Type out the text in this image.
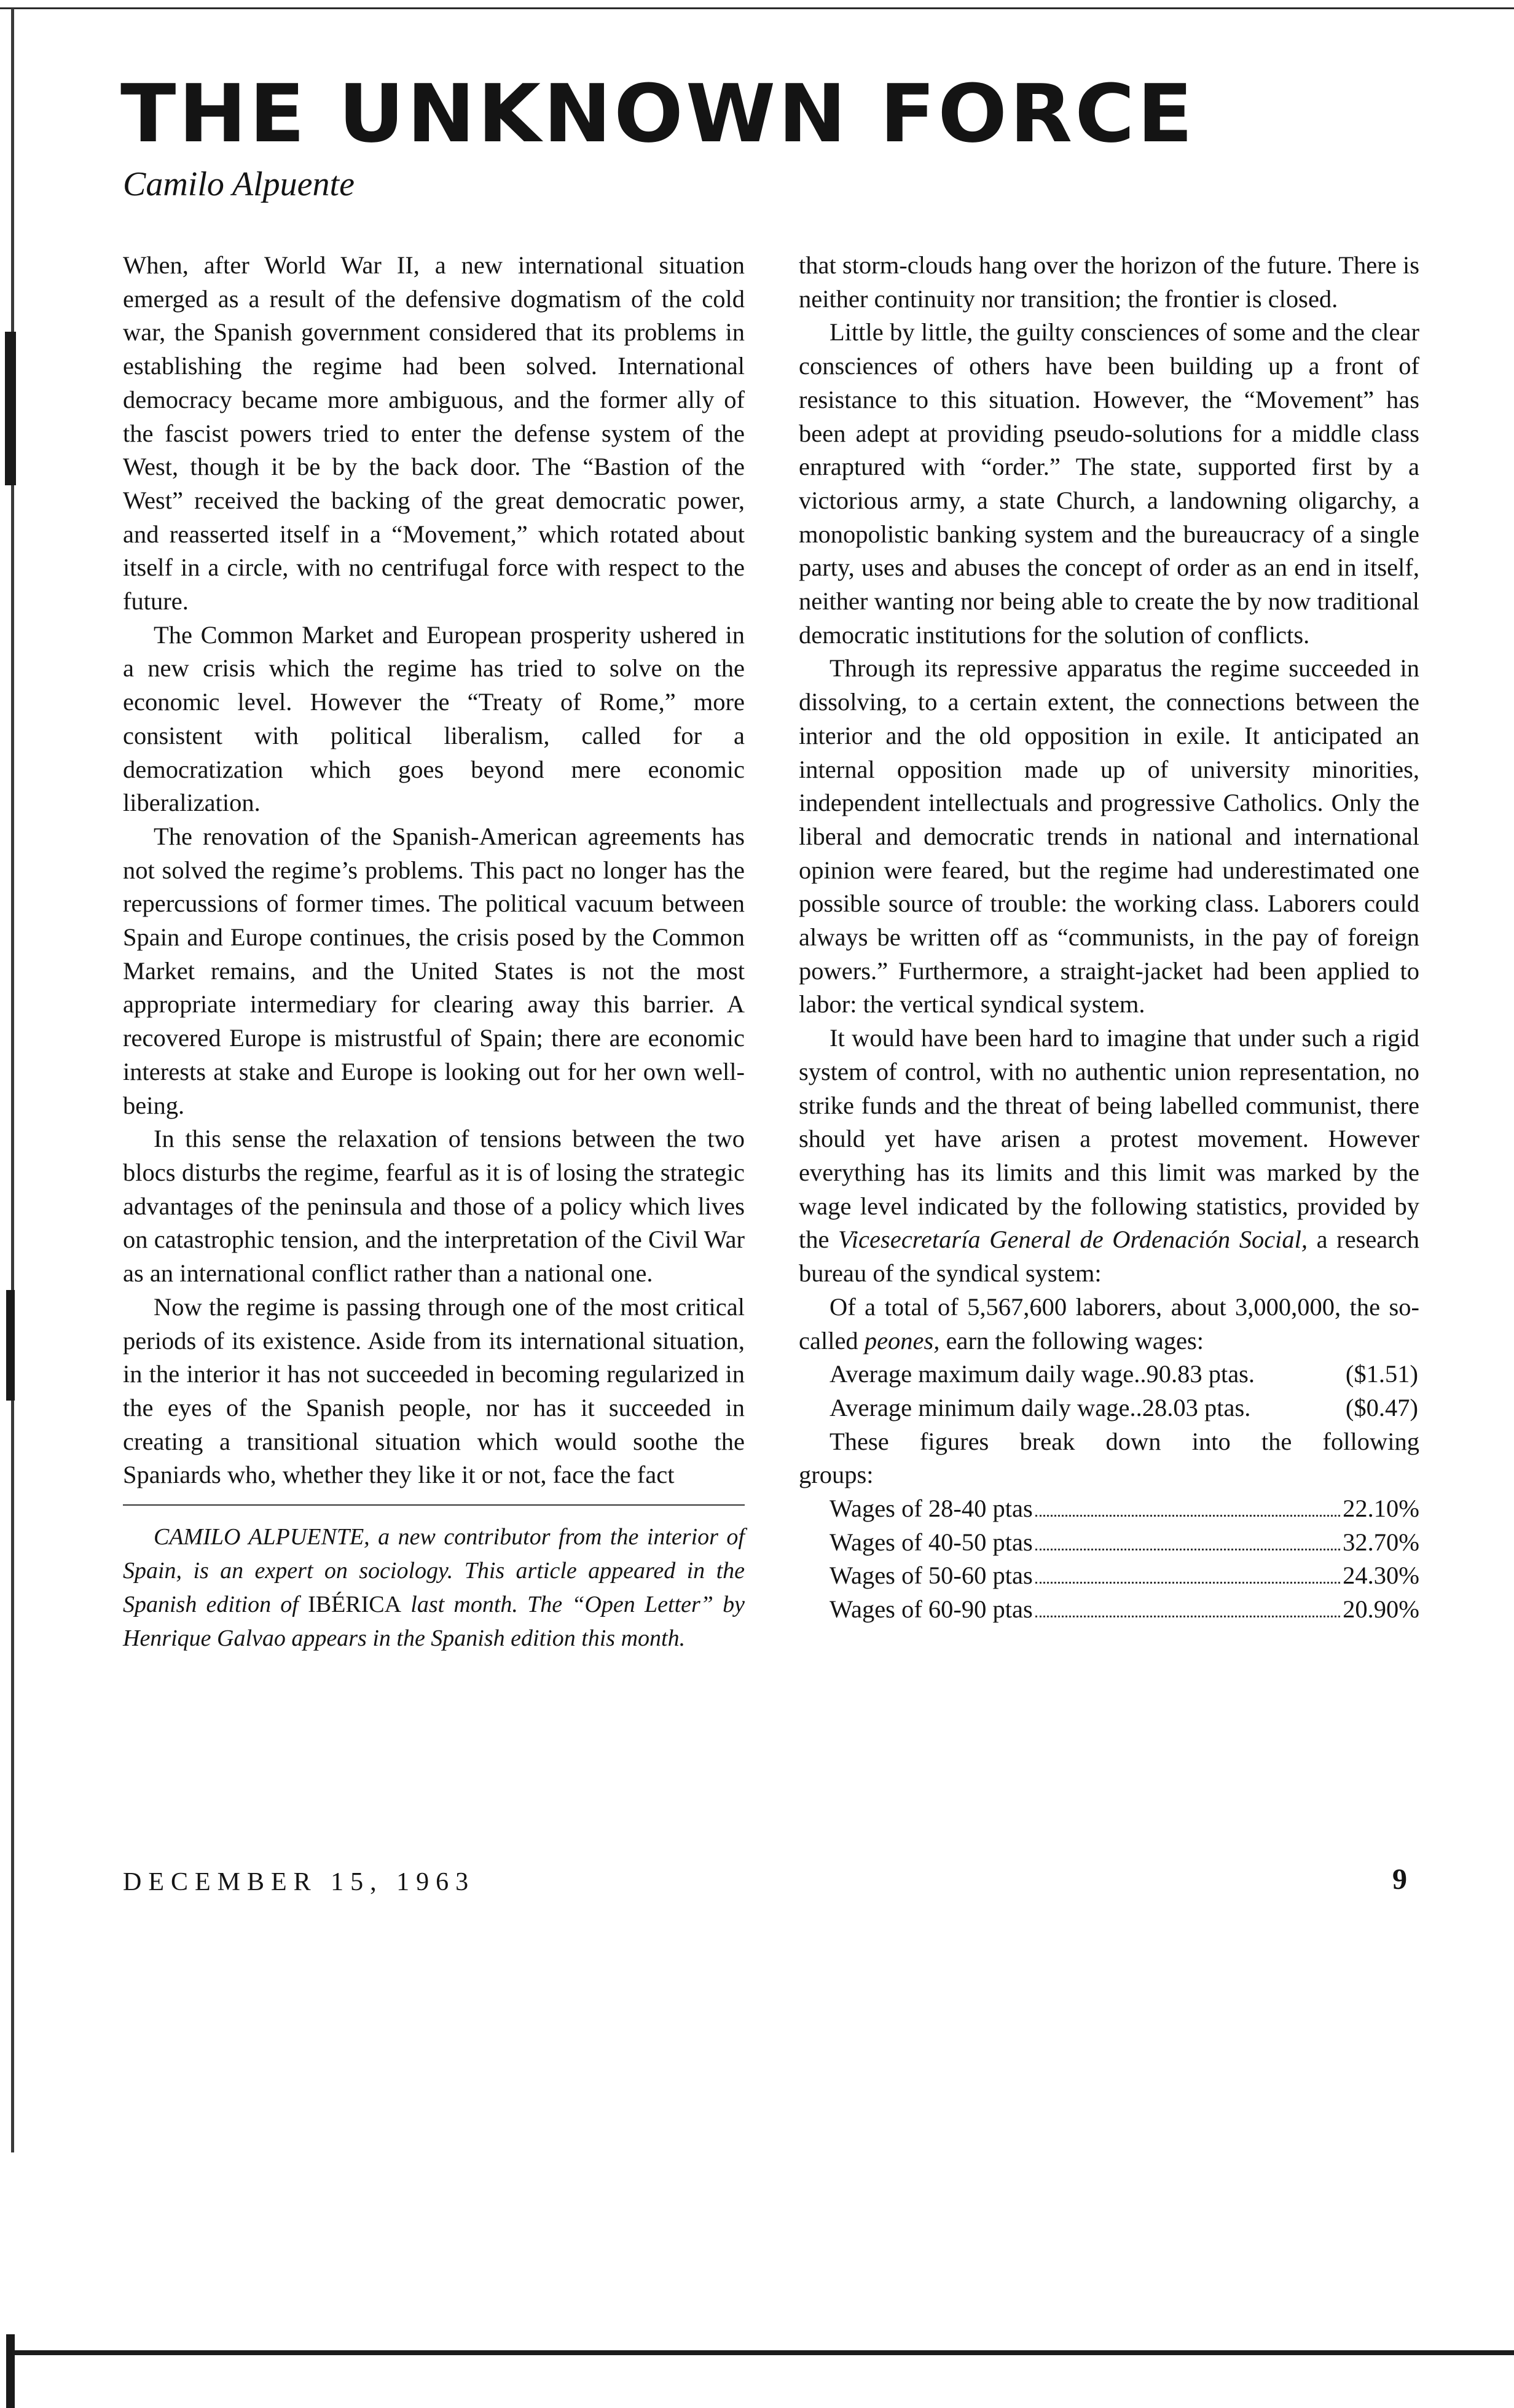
THE UNKNOWN FORCE

Camilo Alpuente

When, after World War II, a new international situation emerged as a result of the defensive dogmatism of the cold war, the Spanish government considered that its problems in establishing the regime had been solved. International democracy became more ambiguous, and the former ally of the fascist powers tried to enter the defense system of the West, though it be by the back door. The “Bastion of the West” received the backing of the great democratic power, and reasserted itself in a “Movement,” which rotated about itself in a circle, with no centrifugal force with respect to the future.

The Common Market and European prosperity ushered in a new crisis which the regime has tried to solve on the economic level. However the “Treaty of Rome,” more consistent with political liberalism, called for a democratization which goes beyond mere economic liberalization.

The renovation of the Spanish-American agreements has not solved the regime’s problems. This pact no longer has the repercussions of former times. The political vacuum between Spain and Europe continues, the crisis posed by the Common Market remains, and the United States is not the most appropriate intermediary for clearing away this barrier. A recovered Europe is mistrustful of Spain; there are economic interests at stake and Europe is looking out for her own well-being.

In this sense the relaxation of tensions between the two blocs disturbs the regime, fearful as it is of losing the strategic advantages of the peninsula and those of a policy which lives on catastrophic tension, and the interpretation of the Civil War as an international conflict rather than a national one.

Now the regime is passing through one of the most critical periods of its existence. Aside from its international situation, in the interior it has not succeeded in becoming regularized in the eyes of the Spanish people, nor has it succeeded in creating a transitional situation which would soothe the Spaniards who, whether they like it or not, face the fact

CAMILO ALPUENTE, a new contributor from the interior of Spain, is an expert on sociology. This article appeared in the Spanish edition of IBÉRICA last month. The “Open Letter” by Henrique Galvao appears in the Spanish edition this month.

that storm-clouds hang over the horizon of the future. There is neither continuity nor transition; the frontier is closed.

Little by little, the guilty consciences of some and the clear consciences of others have been building up a front of resistance to this situation. However, the “Movement” has been adept at providing pseudo-solutions for a middle class enraptured with “order.” The state, supported first by a victorious army, a state Church, a landowning oligarchy, a monopolistic banking system and the bureaucracy of a single party, uses and abuses the concept of order as an end in itself, neither wanting nor being able to create the by now traditional democratic institutions for the solution of conflicts.

Through its repressive apparatus the regime succeeded in dissolving, to a certain extent, the connections between the interior and the old opposition in exile. It anticipated an internal opposition made up of university minorities, independent intellectuals and progressive Catholics. Only the liberal and democratic trends in national and international opinion were feared, but the regime had underestimated one possible source of trouble: the working class. Laborers could always be written off as “communists, in the pay of foreign powers.” Furthermore, a straight-jacket had been applied to labor: the vertical syndical system.

It would have been hard to imagine that under such a rigid system of control, with no authentic union representation, no strike funds and the threat of being labelled communist, there should yet have arisen a protest movement. However everything has its limits and this limit was marked by the wage level indicated by the following statistics, provided by the Vicesecretaría General de Ordenación Social, a research bureau of the syndical system:

Of a total of 5,567,600 laborers, about 3,000,000, the so-called peones, earn the following wages:

Average maximum daily wage..90.83 ptas.	($1.51)
Average minimum daily wage..28.03 ptas.	($0.47)
These figures break down into the following
groups:
Wages of 28-40 ptas	22.10%
Wages of 40-50 ptas	32.70%
Wages of 50-60 ptas	24.30%
Wages of 60-90 ptas	20.90%

DECEMBER 15, 1963	9
